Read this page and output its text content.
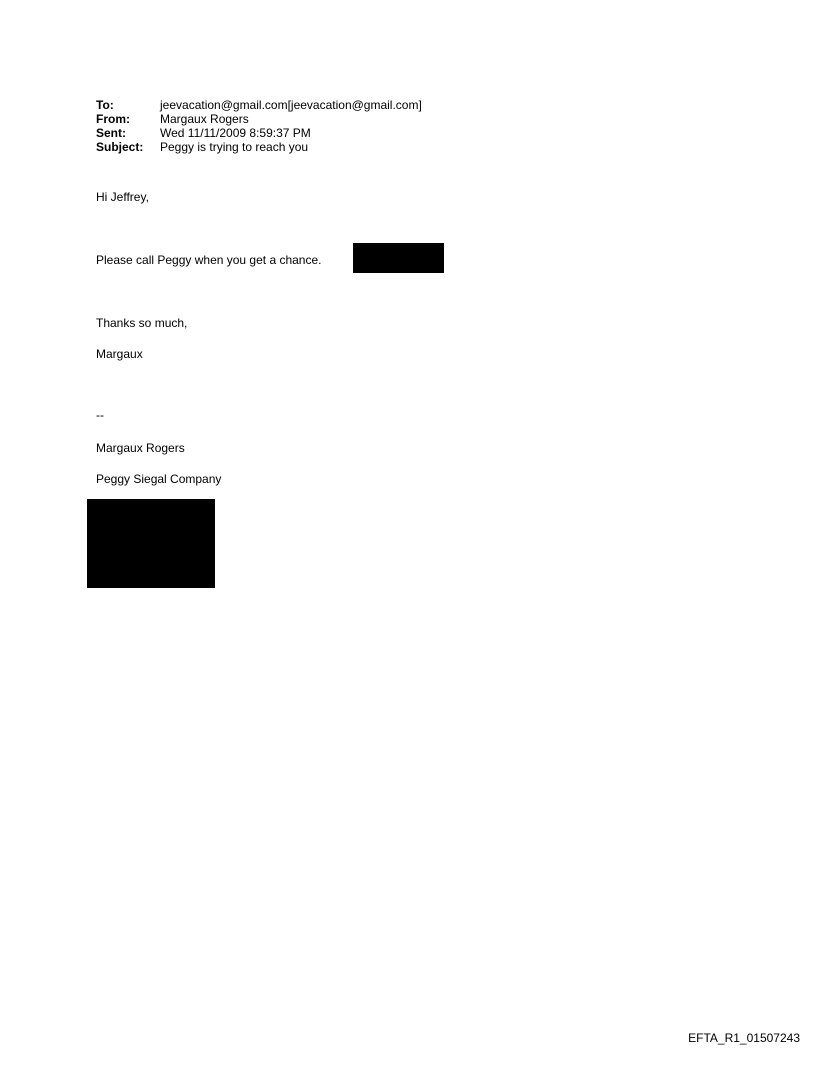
To:	jeevacation@gmail.com[jeevacation@gmail.com]
From:	Margaux Rogers
Sent:	Wed 11/11/2009 8:59:37 PM
Subject:	Peggy is trying to reach you
Hi Jeffrey,
Please call Peggy when you get a chance.
Thanks so much,
Margaux
--
Margaux Rogers
Peggy Siegal Company
EFTA_R1_01507243
